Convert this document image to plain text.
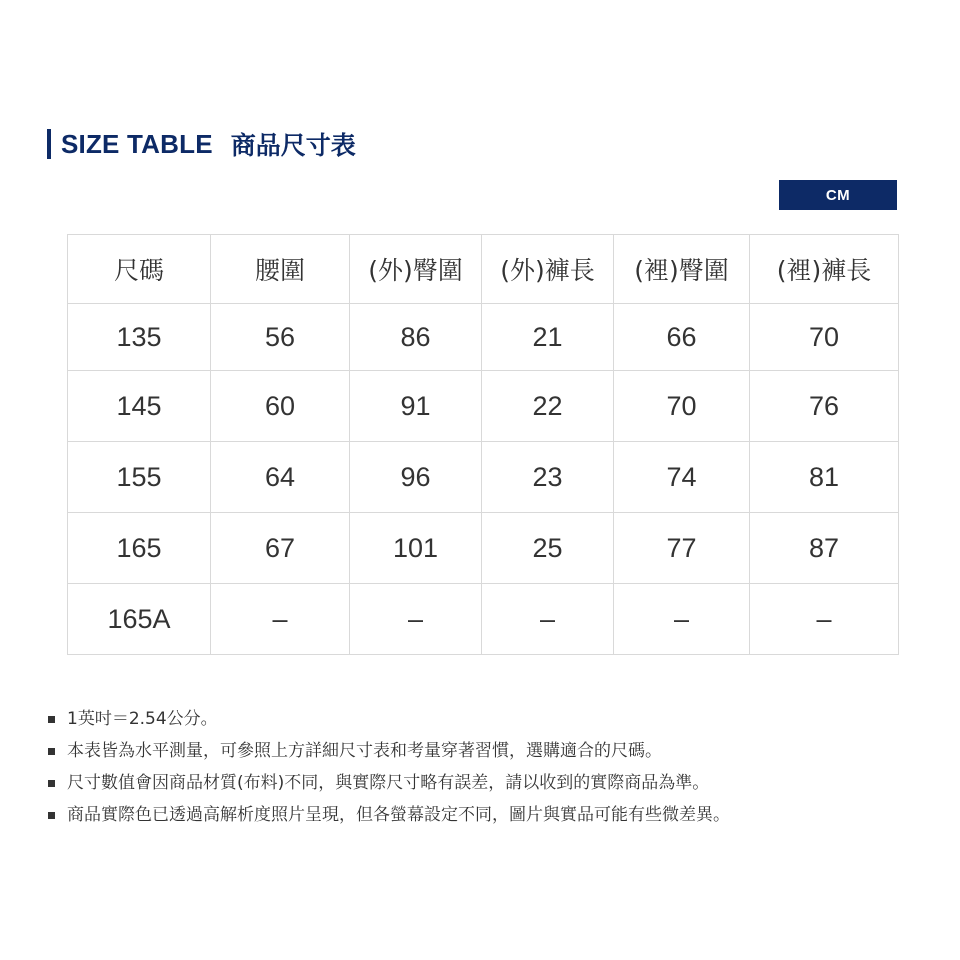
SIZE TABLE 商品尺寸表
CM
尺碼	腰圍	(外)臀圍	(外)褲長	(裡)臀圍	(裡)褲長
135	56	86	21	66	70
145	60	91	22	70	76
155	64	96	23	74	81
165	67	101	25	77	87
165A	–	–	–	–	–
1英吋＝2.54公分。
本表皆為水平測量，可參照上方詳細尺寸表和考量穿著習慣，選購適合的尺碼。
尺寸數值會因商品材質(布料)不同，與實際尺寸略有誤差，請以收到的實際商品為準。
商品實際色已透過高解析度照片呈現，但各螢幕設定不同，圖片與實品可能有些微差異。
